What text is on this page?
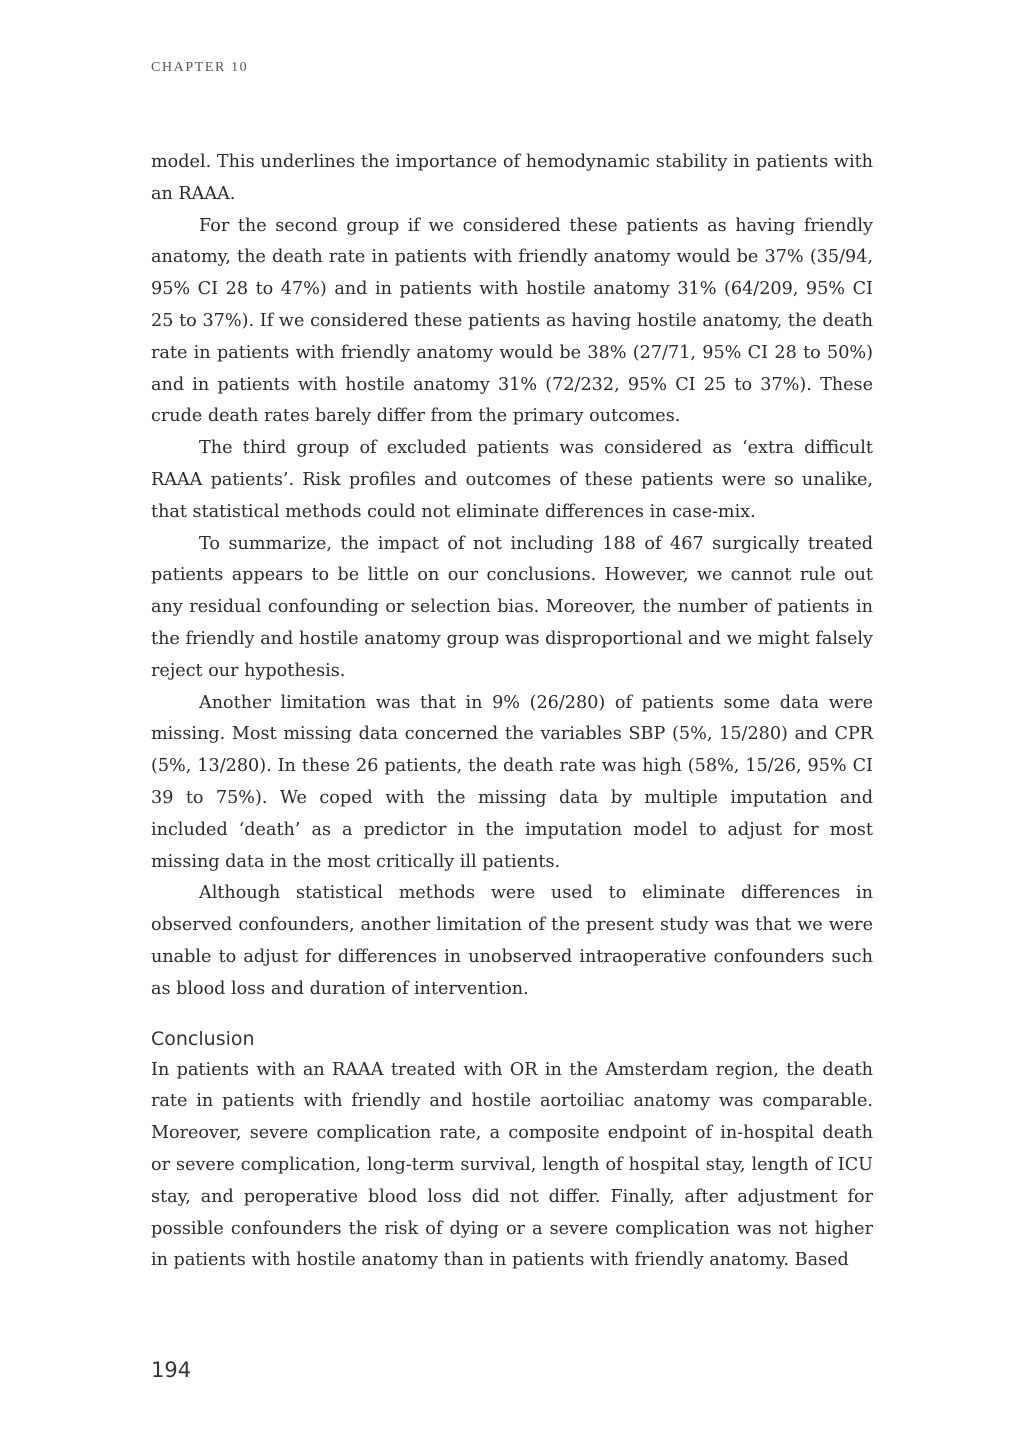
CHAPTER 10

model. This underlines the importance of hemodynamic stability in patients with an RAAA.

For the second group if we considered these patients as having friendly anatomy, the death rate in patients with friendly anatomy would be 37% (35/94, 95% CI 28 to 47%) and in patients with hostile anatomy 31% (64/209, 95% CI 25 to 37%). If we considered these patients as having hostile anatomy, the death rate in patients with friendly anatomy would be 38% (27/71, 95% CI 28 to 50%) and in patients with hostile anatomy 31% (72/232, 95% CI 25 to 37%). These crude death rates barely differ from the primary outcomes.

The third group of excluded patients was considered as ‘extra difficult RAAA patients’. Risk profiles and outcomes of these patients were so unalike, that statistical methods could not eliminate differences in case-mix.

To summarize, the impact of not including 188 of 467 surgically treated patients appears to be little on our conclusions. However, we cannot rule out any residual confounding or selection bias. Moreover, the number of patients in the friendly and hostile anatomy group was disproportional and we might falsely reject our hypothesis.

Another limitation was that in 9% (26/280) of patients some data were missing. Most missing data concerned the variables SBP (5%, 15/280) and CPR (5%, 13/280). In these 26 patients, the death rate was high (58%, 15/26, 95% CI 39 to 75%). We coped with the missing data by multiple imputation and included ‘death’ as a predictor in the imputation model to adjust for most missing data in the most critically ill patients.

Although statistical methods were used to eliminate differences in observed confounders, another limitation of the present study was that we were unable to adjust for differences in unobserved intraoperative confounders such as blood loss and duration of intervention.

Conclusion

In patients with an RAAA treated with OR in the Amsterdam region, the death rate in patients with friendly and hostile aortoiliac anatomy was comparable. Moreover, severe complication rate, a composite endpoint of in-hospital death or severe complication, long-term survival, length of hospital stay, length of ICU stay, and peroperative blood loss did not differ. Finally, after adjustment for possible confounders the risk of dying or a severe complication was not higher in patients with hostile anatomy than in patients with friendly anatomy. Based

194
